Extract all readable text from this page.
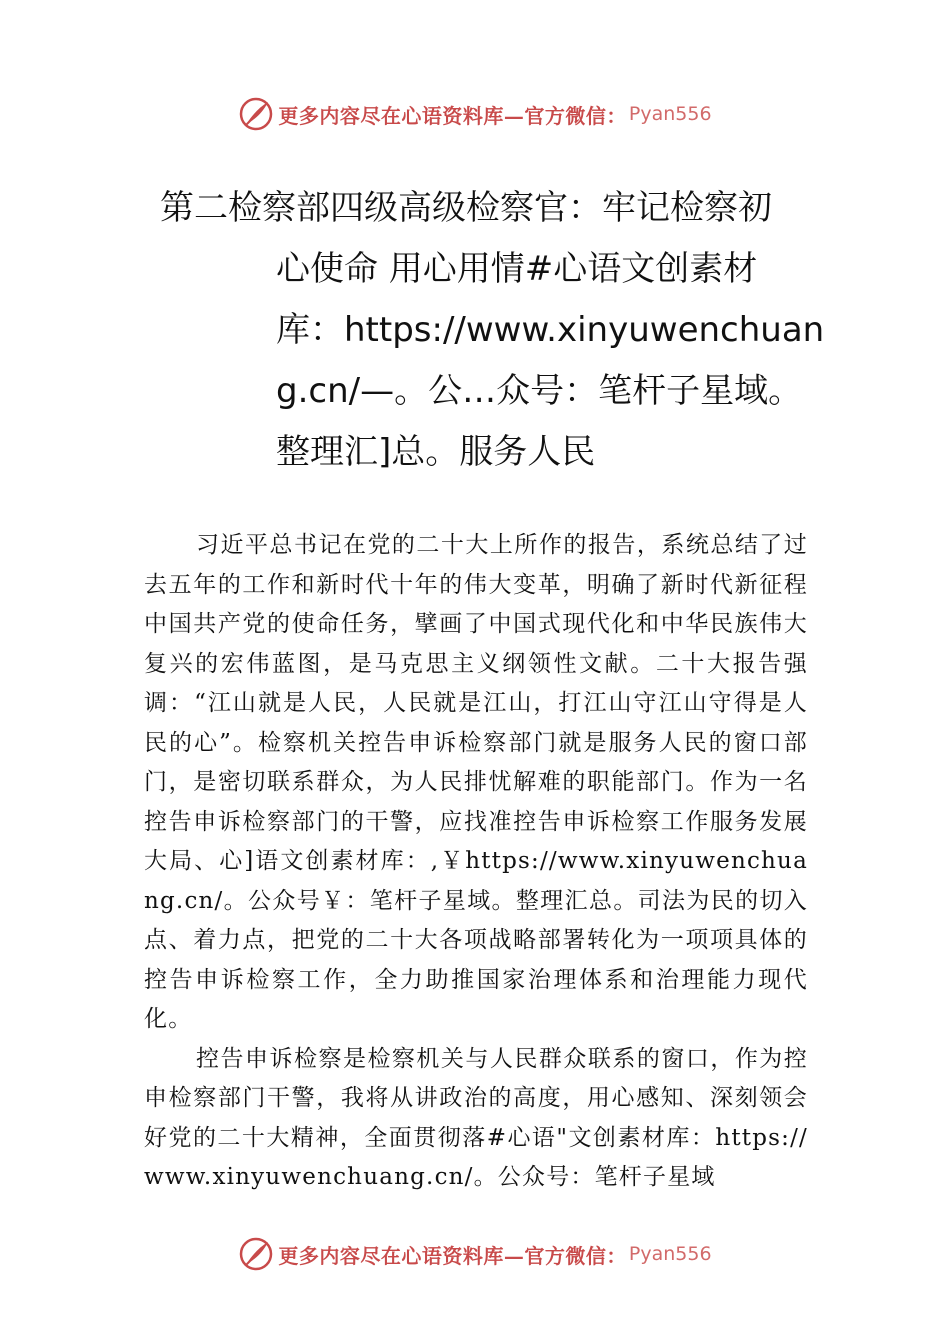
更多内容尽在心语资料库—官方微信： Pyan556
第二检察部四级高级检察官：牢记检察初
心使命 用心用情#心语文创素材
库：https://www.xinyuwenchuan
g.cn/—。公…众号：笔杆子星域。
整理汇]总。服务人民

习近平总书记在党的二十大上所作的报告，系统总结了过去五年的工作和新时代十年的伟大变革，明确了新时代新征程中国共产党的使命任务，擘画了中国式现代化和中华民族伟大复兴的宏伟蓝图，是马克思主义纲领性文献。二十大报告强调：“江山就是人民，人民就是江山，打江山守江山守得是人民的心”。检察机关控告申诉检察部门就是服务人民的窗口部门，是密切联系群众，为人民排忧解难的职能部门。作为一名控告申诉检察部门的干警，应找准控告申诉检察工作服务发展大局、心]语文创素材库：,￥https://www.xinyuwenchuang.cn/。公众号￥：笔杆子星域。整理汇总。司法为民的切入点、着力点，把党的二十大各项战略部署转化为一项项具体的控告申诉检察工作，全力助推国家治理体系和治理能力现代化。

控告申诉检察是检察机关与人民群众联系的窗口，作为控申检察部门干警，我将从讲政治的高度，用心感知、深刻领会好党的二十大精神，全面贯彻落#心语"文创素材库：https://www.xinyuwenchuang.cn/。公众号：笔杆子星域

更多内容尽在心语资料库—官方微信： Pyan556
